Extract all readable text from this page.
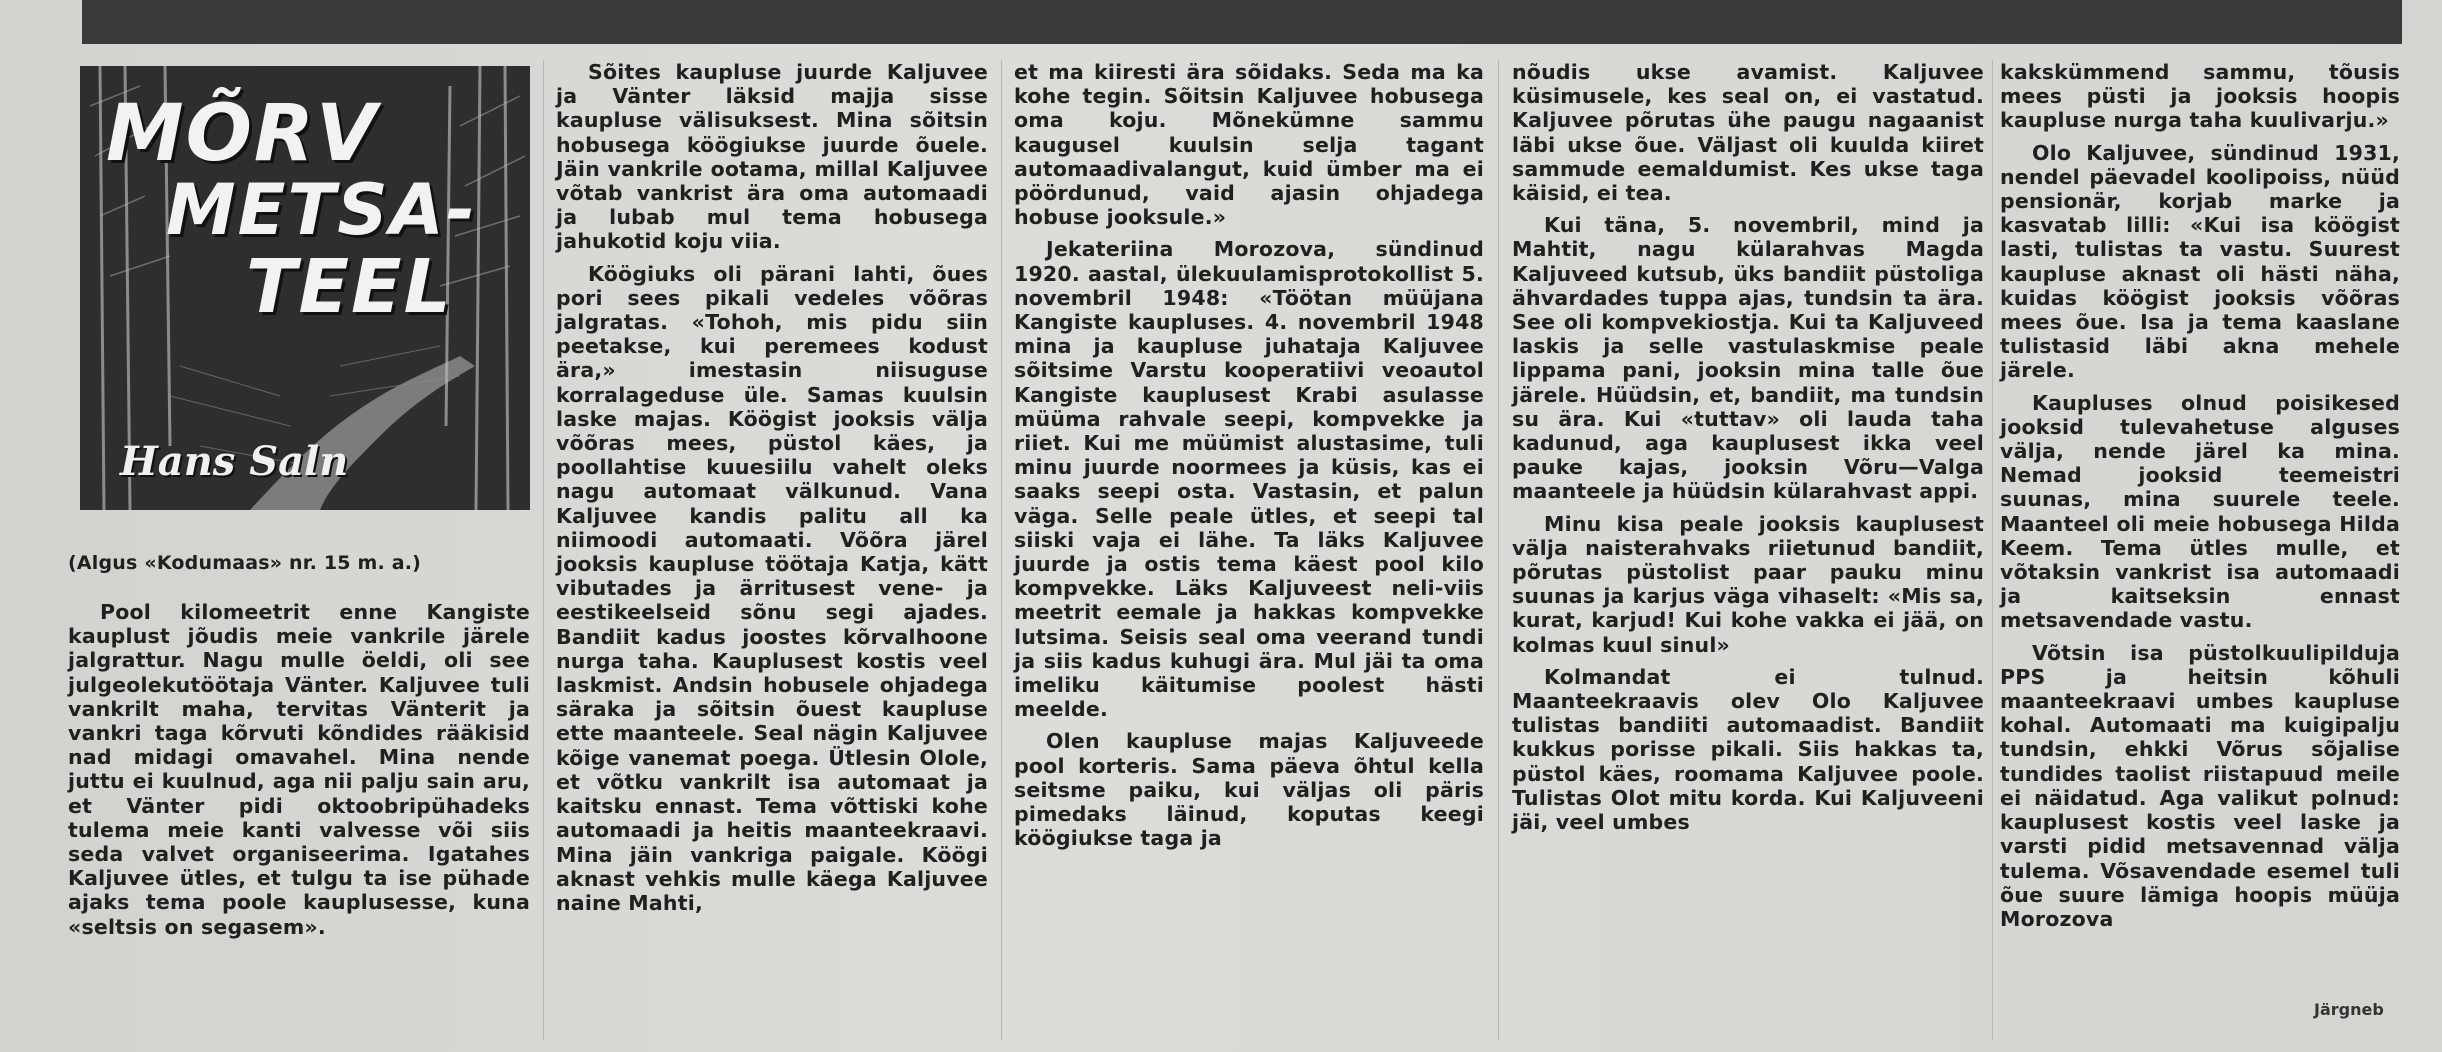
MÕRV
METSA-
TEEL
Hans Saln

(Algus «Kodumaas» nr. 15 m. a.)

Pool kilomeetrit enne Kangiste kauplust jõudis meie vankrile järele jalgrattur. Nagu mulle öeldi, oli see julgeolekutöötaja Vänter. Kaljuvee tuli vankrilt maha, tervitas Vänterit ja vankri taga kõrvuti kõndides rääkisid nad midagi omavahel. Mina nende juttu ei kuulnud, aga nii palju sain aru, et Vänter pidi oktoobripühadeks tulema meie kanti valvesse või siis seda valvet organiseerima. Igatahes Kaljuvee ütles, et tulgu ta ise pühade ajaks tema poole kauplusesse, kuna «seltsis on segasem».

Sõites kaupluse juurde Kaljuvee ja Vänter läksid majja sisse kaupluse välisuksest. Mina sõitsin hobusega köögiukse juurde õuele. Jäin vankrile ootama, millal Kaljuvee võtab vankrist ära oma automaadi ja lubab mul tema hobusega jahukotid koju viia.

Köögiuks oli pärani lahti, õues pori sees pikali vedeles võõras jalgratas. «Tohoh, mis pidu siin peetakse, kui peremees kodust ära,» imestasin niisuguse korralageduse üle. Samas kuulsin laske majas. Köögist jooksis välja võõras mees, püstol käes, ja poollahtise kuuesiilu vahelt oleks nagu automaat välkunud. Vana Kaljuvee kandis palitu all ka niimoodi automaati. Võõra järel jooksis kaupluse töötaja Katja, kätt vibutades ja ärritusest vene- ja eestikeelseid sõnu segi ajades. Bandiit kadus joostes kõrvalhoone nurga taha. Kauplusest kostis veel laskmist. Andsin hobusele ohjadega säraka ja sõitsin õuest kaupluse ette maanteele. Seal nägin Kaljuvee kõige vanemat poega. Ütlesin Olole, et võtku vankrilt isa automaat ja kaitsku ennast. Tema võttiski kohe automaadi ja heitis maanteekraavi. Mina jäin vankriga paigale. Köögi aknast vehkis mulle käega Kaljuvee naine Mahti,

et ma kiiresti ära sõidaks. Seda ma ka kohe tegin. Sõitsin Kaljuvee hobusega oma koju. Mõnekümne sammu kaugusel kuulsin selja tagant automaadivalangut, kuid ümber ma ei pöördunud, vaid ajasin ohjadega hobuse jooksule.»

Jekateriina Morozova, sündinud 1920. aastal, ülekuulamisprotokollist 5. novembril 1948: «Töötan müüjana Kangiste kaupluses. 4. novembril 1948 mina ja kaupluse juhataja Kaljuvee sõitsime Varstu kooperatiivi veoautol Kangiste kauplusest Krabi asulasse müüma rahvale seepi, kompvekke ja riiet. Kui me müümist alustasime, tuli minu juurde noormees ja küsis, kas ei saaks seepi osta. Vastasin, et palun väga. Selle peale ütles, et seepi tal siiski vaja ei lähe. Ta läks Kaljuvee juurde ja ostis tema käest pool kilo kompvekke. Läks Kaljuveest neli-viis meetrit eemale ja hakkas kompvekke lutsima. Seisis seal oma veerand tundi ja siis kadus kuhugi ära. Mul jäi ta oma imeliku käitumise poolest hästi meelde.

Olen kaupluse majas Kaljuveede pool korteris. Sama päeva õhtul kella seitsme paiku, kui väljas oli päris pimedaks läinud, koputas keegi köögiukse taga ja

nõudis ukse avamist. Kaljuvee küsimusele, kes seal on, ei vastatud. Kaljuvee põrutas ühe paugu nagaanist läbi ukse õue. Väljast oli kuulda kiiret sammude eemaldumist. Kes ukse taga käisid, ei tea.

Kui täna, 5. novembril, mind ja Mahtit, nagu külarahvas Magda Kaljuveed kutsub, üks bandiit püstoliga ähvardades tuppa ajas, tundsin ta ära. See oli kompvekiostja. Kui ta Kaljuveed laskis ja selle vastulaskmise peale lippama pani, jooksin mina talle õue järele. Hüüdsin, et, bandiit, ma tundsin su ära. Kui «tuttav» oli lauda taha kadunud, aga kauplusest ikka veel pauke kajas, jooksin Võru—Valga maanteele ja hüüdsin külarahvast appi.

Minu kisa peale jooksis kauplusest välja naisterahvaks riietunud bandiit, põrutas püstolist paar pauku minu suunas ja karjus vägа vihaselt: «Mis sa, kurat, karjud! Kui kohe vakka ei jää, on kolmas kuul sinul»

Kolmandat ei tulnud. Maanteekraavis olev Olo Kaljuvee tulistas bandiiti automaadist. Bandiit kukkus porisse pikali. Siis hakkas ta, püstol käes, roomama Kaljuvee poole. Tulistas Olot mitu korda. Kui Kaljuveeni jäi, veel umbes

kakskümmend sammu, tõusis mees püsti ja jooksis hoopis kaupluse nurga taha kuulivarju.»

Olo Kaljuvee, sündinud 1931, nendel päevadel koolipoiss, nüüd pensionär, korjab marke ja kasvatab lilli: «Kui isa köögist lasti, tulistas ta vastu. Suurest kaupluse aknast oli hästi näha, kuidas köögist jooksis võõras mees õue. Isa ja tema kaaslane tulistasid läbi akna mehele järele.

Kaupluses olnud poisikesed jooksid tulevahetuse alguses välja, nende järel ka mina. Nemad jooksid teemeistri suunas, mina suurele teele. Maanteel oli meie hobusega Hilda Keem. Tema ütles mulle, et võtaksin vankrist isa automaadi ja kaitseksin ennast metsavendade vastu.

Võtsin isa püstolkuulipilduja PPS ja heitsin kõhuli maanteekraavi umbes kaupluse kohal. Automaati ma kuigipalju tundsin, ehkki Võrus sõjalise tundides taolist riistapuud meile ei näidatud. Aga valikut polnud: kauplusest kostis veel laske ja varsti pidid metsavennad välja tulema. Võsavendade esemel tuli õue suure lämiga hoopis müüja Morozova

Järgneb
